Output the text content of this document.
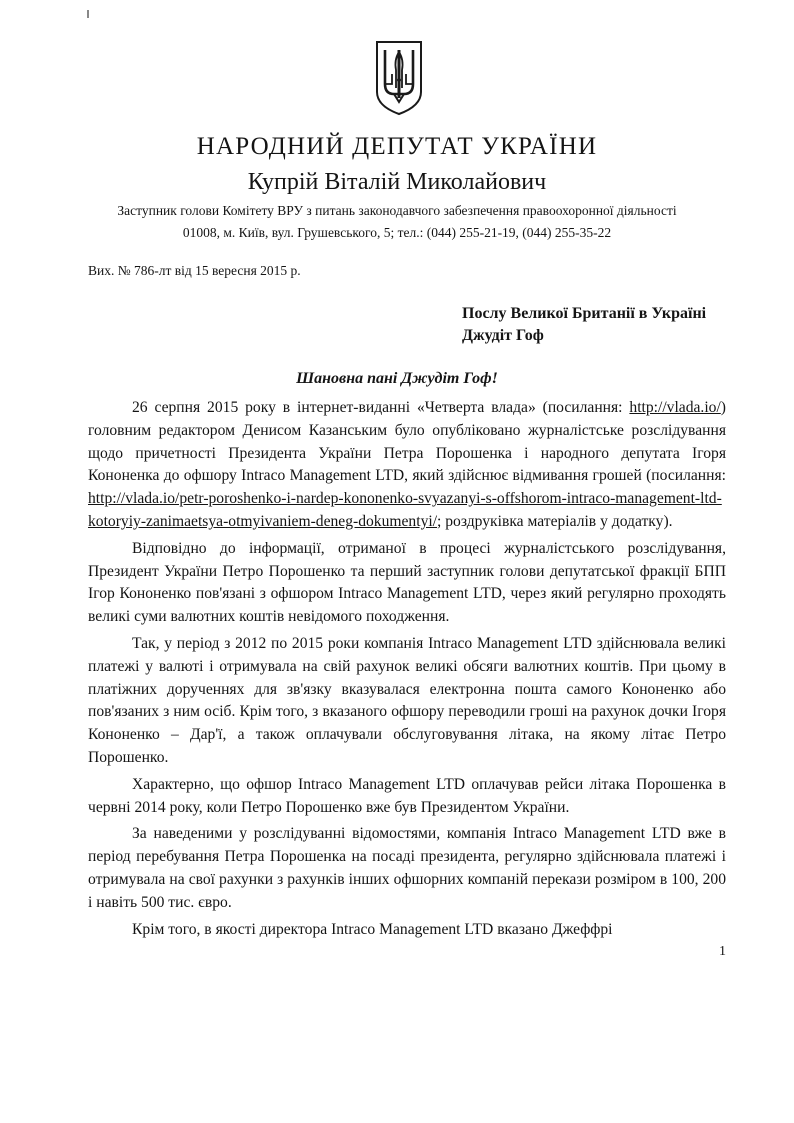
НАРОДНИЙ ДЕПУТАТ УКРАЇНИ
Купрій Віталій Миколайович
Заступник голови Комітету ВРУ з питань законодавчого забезпечення правоохоронної діяльності
01008, м. Київ, вул. Грушевського, 5; тел.: (044) 255-21-19, (044) 255-35-22
Вих. № 786-лт від 15 вересня 2015 р.
Послу Великої Британії в Україні
Джудіт Гоф
Шановна пані Джудіт Гоф!

26 серпня 2015 року в інтернет-виданні «Четверта влада» (посилання: http://vlada.io/) головним редактором Денисом Казанським було опубліковано журналістське розслідування щодо причетності Президента України Петра Порошенка і народного депутата Ігоря Кононенка до офшору Intraco Management LTD, який здійснює відмивання грошей (посилання: http://vlada.io/petr-poroshenko-i-nardep-kononenko-svyazanyi-s-offshorom-intraco-management-ltd-kotoryiy-zanimaetsya-otmyivaniem-deneg-dokumentyi/; роздруківка матеріалів у додатку).

Відповідно до інформації, отриманої в процесі журналістського розслідування, Президент України Петро Порошенко та перший заступник голови депутатської фракції БПП Ігор Кононенко пов'язані з офшором Intraco Management LTD, через який регулярно проходять великі суми валютних коштів невідомого походження.

Так, у період з 2012 по 2015 роки компанія Intraco Management LTD здійснювала великі платежі у валюті і отримувала на свій рахунок великі обсяги валютних коштів. При цьому в платіжних дорученнях для зв'язку вказувалася електронна пошта самого Кононенко або пов'язаних з ним осіб. Крім того, з вказаного офшору переводили гроші на рахунок дочки Ігоря Кононенко – Дар'ї, а також оплачували обслуговування літака, на якому літає Петро Порошенко.

Характерно, що офшор Intraco Management LTD оплачував рейси літака Порошенка в червні 2014 року, коли Петро Порошенко вже був Президентом України.

За наведеними у розслідуванні відомостями, компанія Intraco Management LTD вже в період перебування Петра Порошенка на посаді президента, регулярно здійснювала платежі і отримувала на свої рахунки з рахунків інших офшорних компаній перекази розміром в 100, 200 і навіть 500 тис. євро.

Крім того, в якості директора Intraco Management LTD вказано Джеффрі

1
